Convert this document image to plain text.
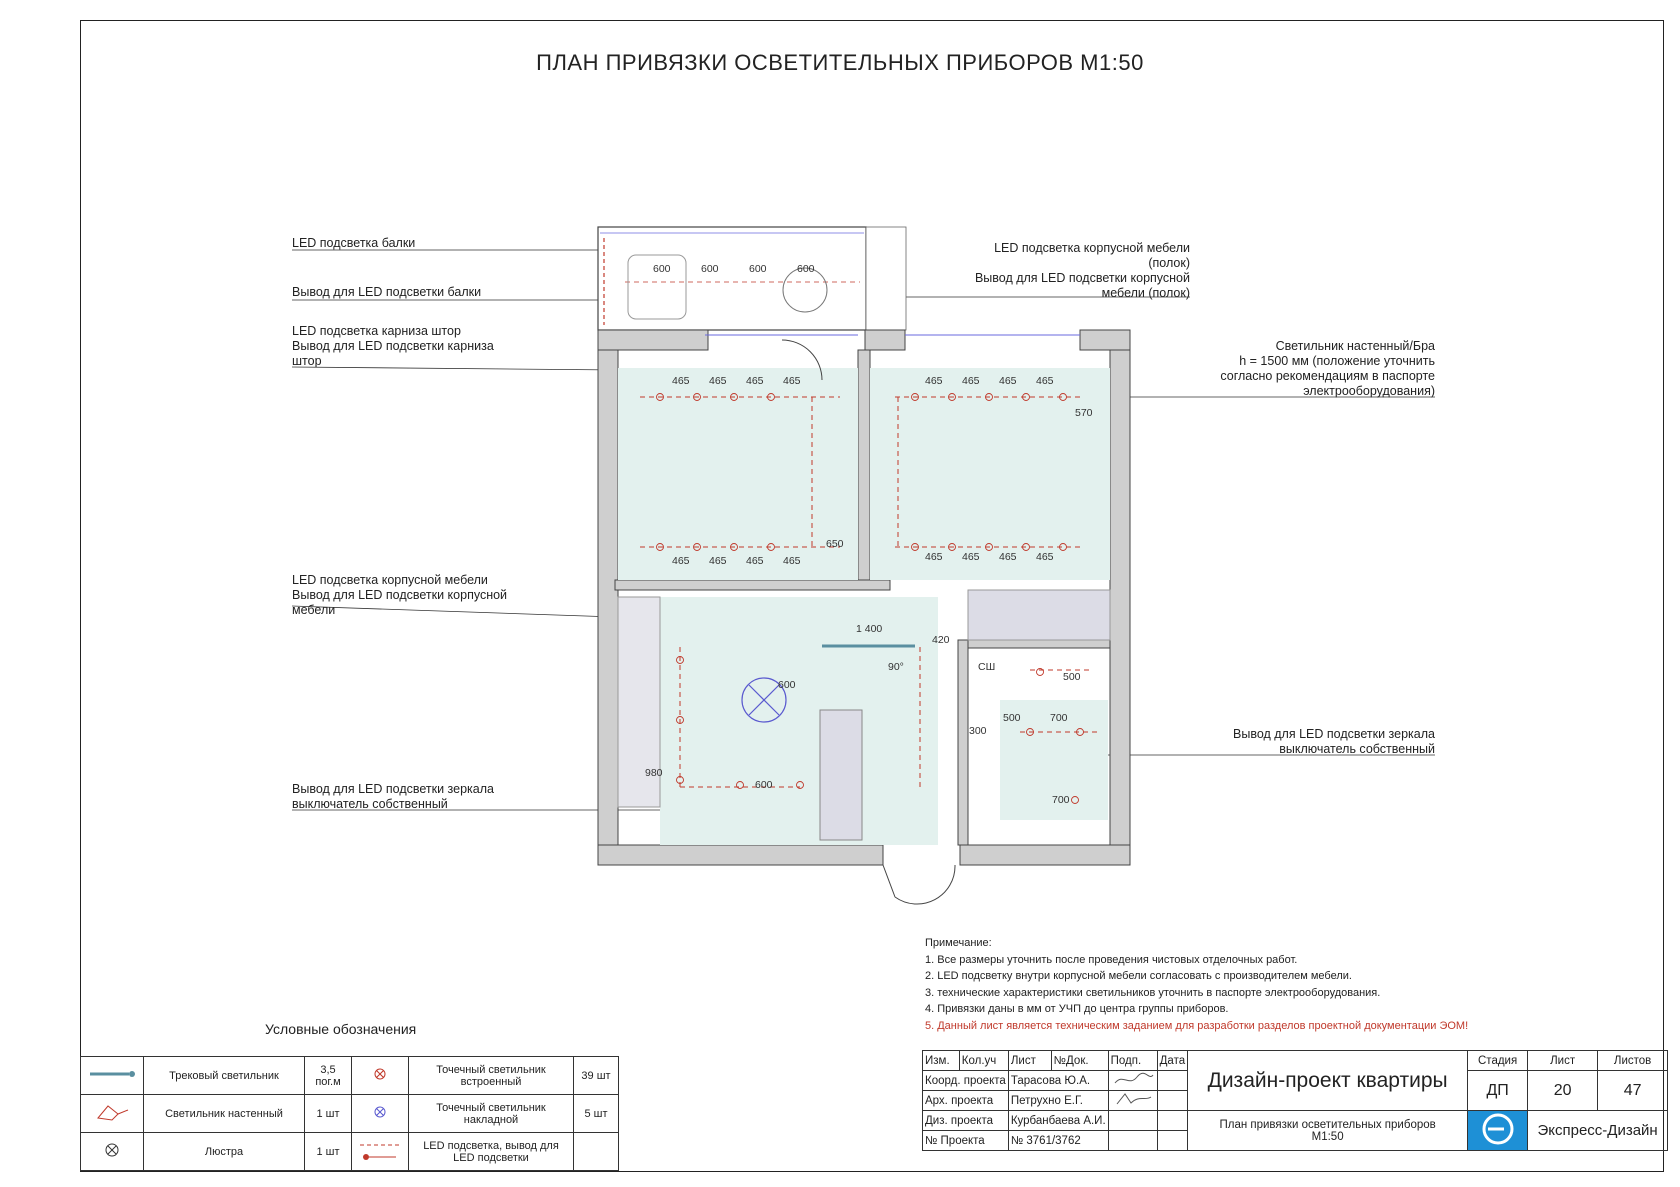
ПЛАН ПРИВЯЗКИ ОСВЕТИТЕЛЬНЫХ ПРИБОРОВ М1:50
LED подсветка балки
Вывод для LED подсветки балки
LED подсветка карниза штор
Вывод для LED подсветки карниза
штор
LED подсветка корпусной мебели
Вывод для LED подсветки корпусной
мебели
Вывод для LED подсветки зеркала
выключатель собственный
LED подсветка корпусной мебели
(полок)
Вывод для LED подсветки корпусной
мебели (полок)
Светильник настенный/Бра
h = 1500 мм (положение уточнить
согласно рекомендациям в паспорте
электрооборудования)
Вывод для LED подсветки зеркала
выключатель собственный
600	600	600	600
465 465 465 465
465 465 465 465
650
465 465 465 465
570
465 465 465 465
1 400
420
90°
600
600
980
СШ
500
500	700
300
700
Примечание:
1. Все размеры уточнить после проведения чистовых отделочных работ.
2. LED подсветку внутри корпусной мебели согласовать с производителем мебели.
3. технические характеристики светильников уточнить в паспорте электрооборудования.
4. Привязки даны в мм от УЧП до центра группы приборов.
5. Данный лист является техническим заданием для разработки разделов проектной документации ЭОМ!
Условные обозначения
	Трековый светильник	3,5 пог.м		Точечный светильник встроенный	39 шт
	Светильник настенный	1 шт		Точечный светильник накладной	5 шт
	Люстра	1 шт		LED подсветка, вывод для LED подсветки	
Изм.	Кол.уч	Лист	№Док.	Подп.	Дата	Дизайн-проект квартиры	Стадия	Лист	Листов
Коорд. проекта		Тарасова Ю.А.					ДП	20	47
Арх. проекта		Петрухно Е.Г.		
Диз. проекта		Курбанбаева А.И.				План привязки осветительных приборов
М1:50		Экспресс-Дизайн	
№ Проекта		№ 3761/3762							
